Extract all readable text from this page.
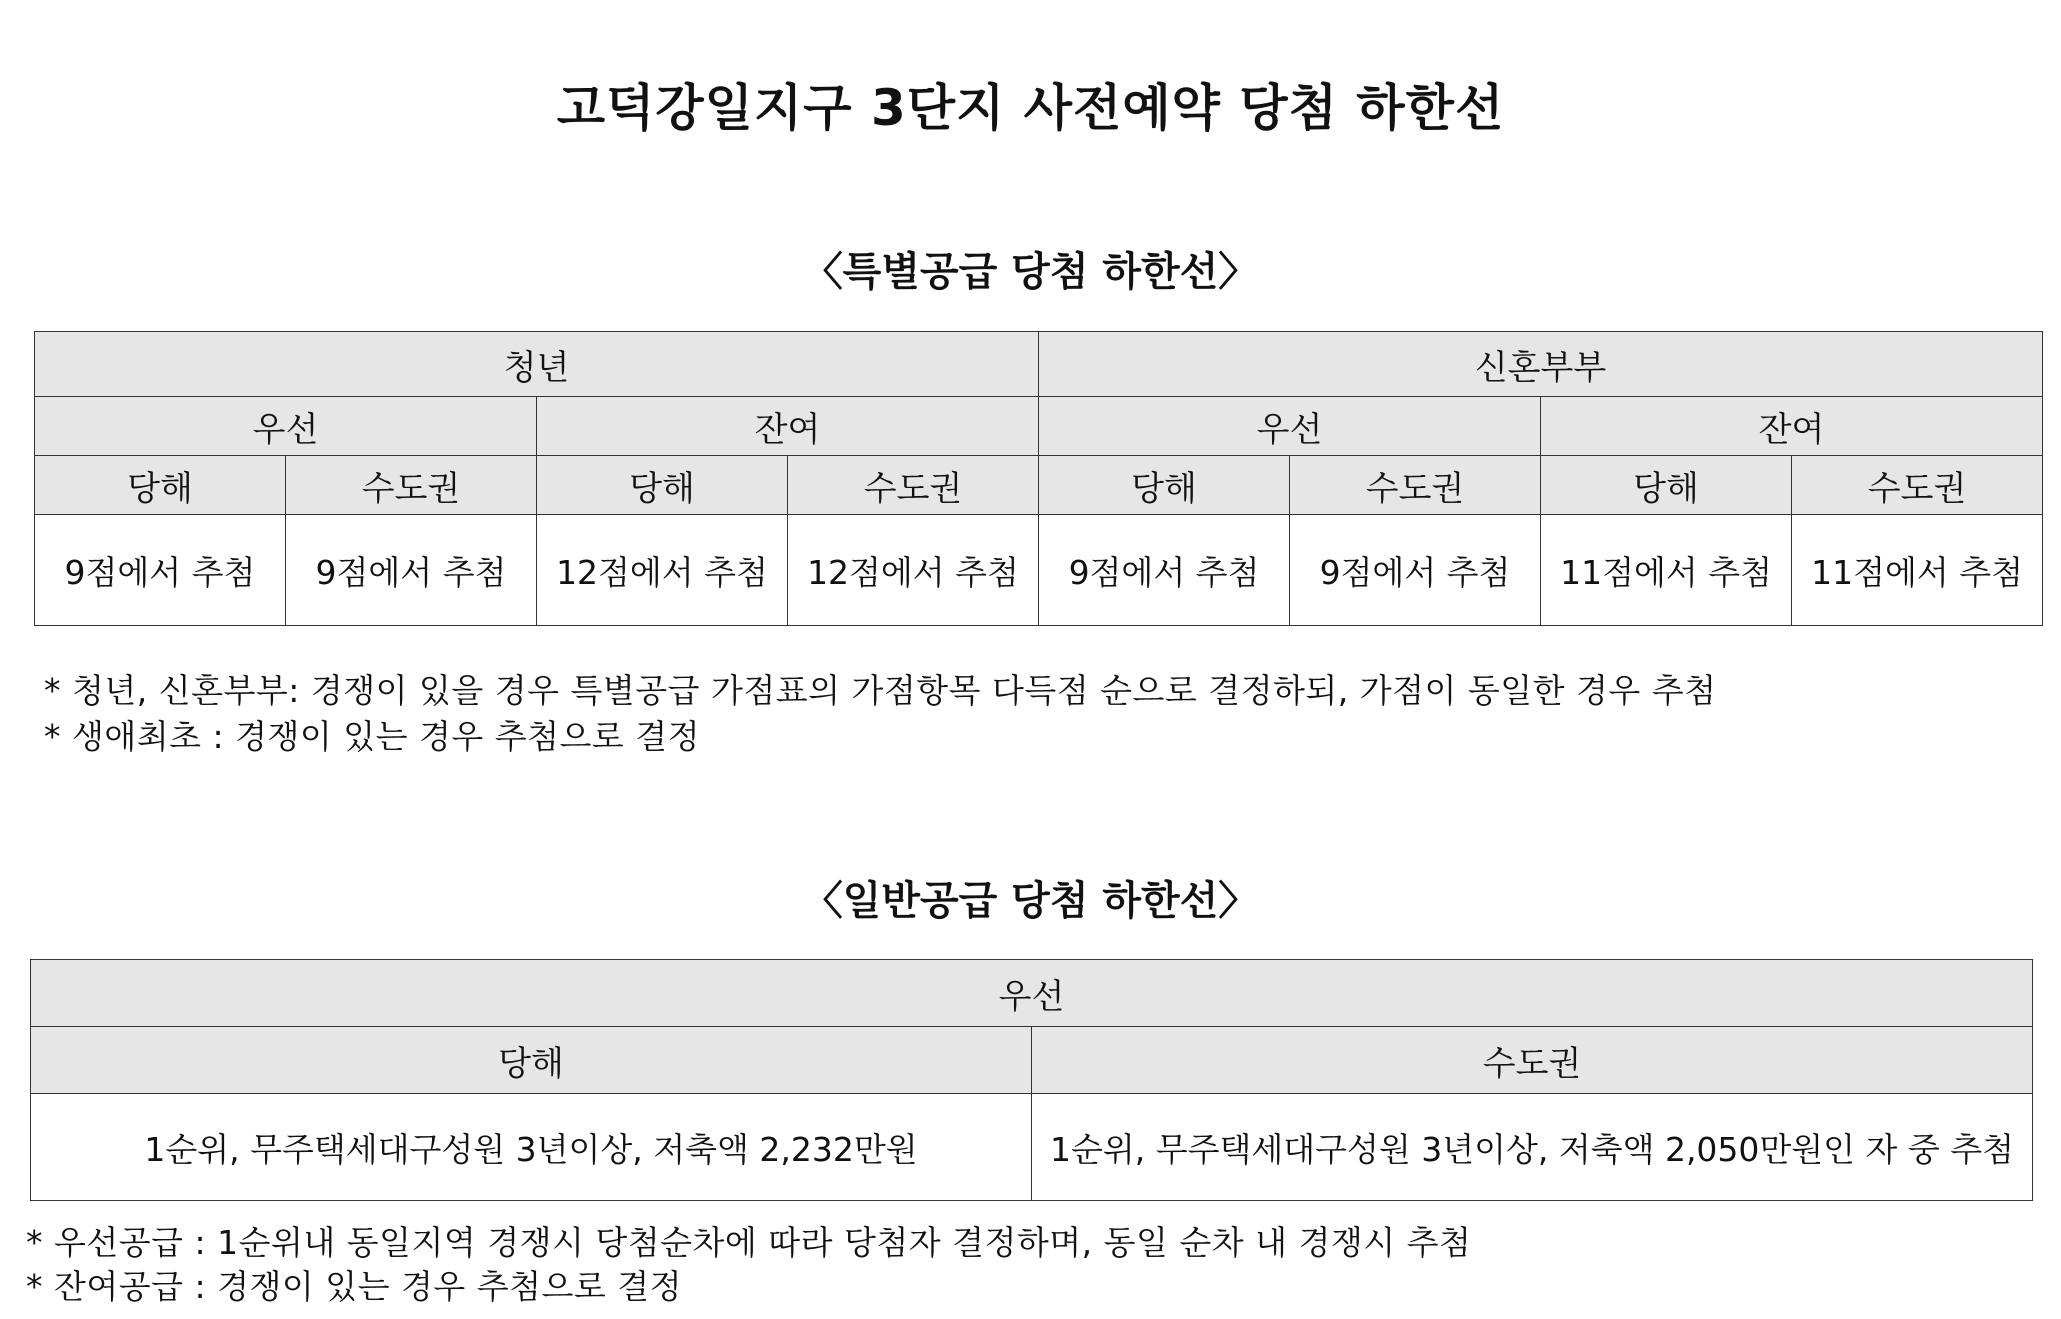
고덕강일지구 3단지 사전예약 당첨 하한선
〈특별공급 당첨 하한선〉
청년				신혼부부			
우선		잔여		우선		잔여	
당해	수도권	당해	수도권	당해	수도권	당해	수도권
9점에서 추첨	9점에서 추첨	12점에서 추첨	12점에서 추첨	9점에서 추첨	9점에서 추첨	11점에서 추첨	11점에서 추첨
* 청년, 신혼부부: 경쟁이 있을 경우 특별공급 가점표의 가점항목 다득점 순으로 결정하되, 가점이 동일한 경우 추첨
* 생애최초 : 경쟁이 있는 경우 추첨으로 결정
〈일반공급 당첨 하한선〉
우선	
당해	수도권
1순위, 무주택세대구성원 3년이상, 저축액 2,232만원	1순위, 무주택세대구성원 3년이상, 저축액 2,050만원인 자 중 추첨
* 우선공급 : 1순위내 동일지역 경쟁시 당첨순차에 따라 당첨자 결정하며, 동일 순차 내 경쟁시 추첨
* 잔여공급 : 경쟁이 있는 경우 추첨으로 결정
